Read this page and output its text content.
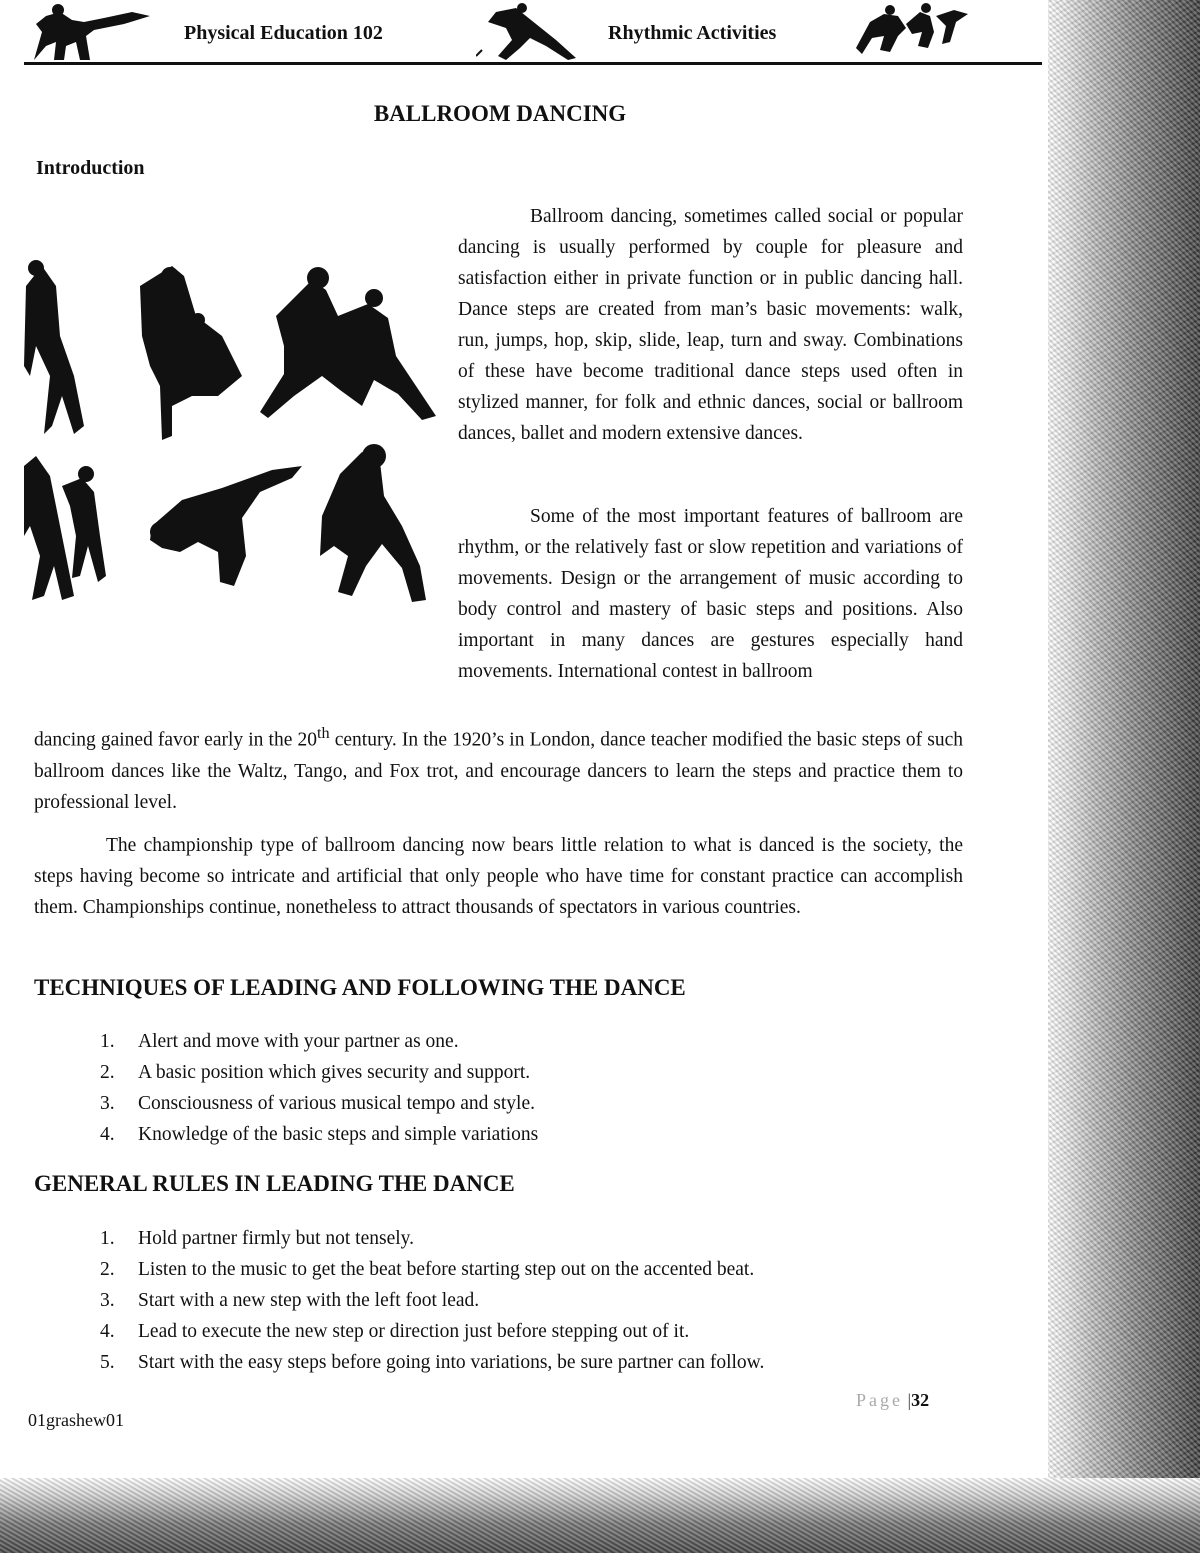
Physical Education 102	Rhythmic Activities
BALLROOM DANCING
Introduction

Ballroom dancing, sometimes called social or popular dancing is usually performed by couple for pleasure and satisfaction either in private function or in public dancing hall. Dance steps are created from man’s basic movements: walk, run, jumps, hop, skip, slide, leap, turn and sway. Combinations of these have become traditional dance steps used often in stylized manner, for folk and ethnic dances, social or ballroom dances, ballet and modern extensive dances.

Some of the most important features of ballroom are rhythm, or the relatively fast or slow repetition and variations of movements. Design or the arrangement of music according to body control and mastery of basic steps and positions. Also important in many dances are gestures especially hand movements. International contest in ballroom

dancing gained favor early in the 20th century. In the 1920’s in London, dance teacher modified the basic steps of such ballroom dances like the Waltz, Tango, and Fox trot, and encourage dancers to learn the steps and practice them to professional level.

The championship type of ballroom dancing now bears little relation to what is danced is the society, the steps having become so intricate and artificial that only people who have time for constant practice can accomplish them. Championships continue, nonetheless to attract thousands of spectators in various countries.

TECHNIQUES OF LEADING AND FOLLOWING THE DANCE
1. Alert and move with your partner as one.
2. A basic position which gives security and support.
3. Consciousness of various musical tempo and style.
4. Knowledge of the basic steps and simple variations
GENERAL RULES IN LEADING THE DANCE
1. Hold partner firmly but not tensely.
2. Listen to the music to get the beat before starting step out on the accented beat.
3. Start with a new step with the left foot lead.
4. Lead to execute the new step or direction just before stepping out of it.
5. Start with the easy steps before going into variations, be sure partner can follow.
Page |32
01grashew01
